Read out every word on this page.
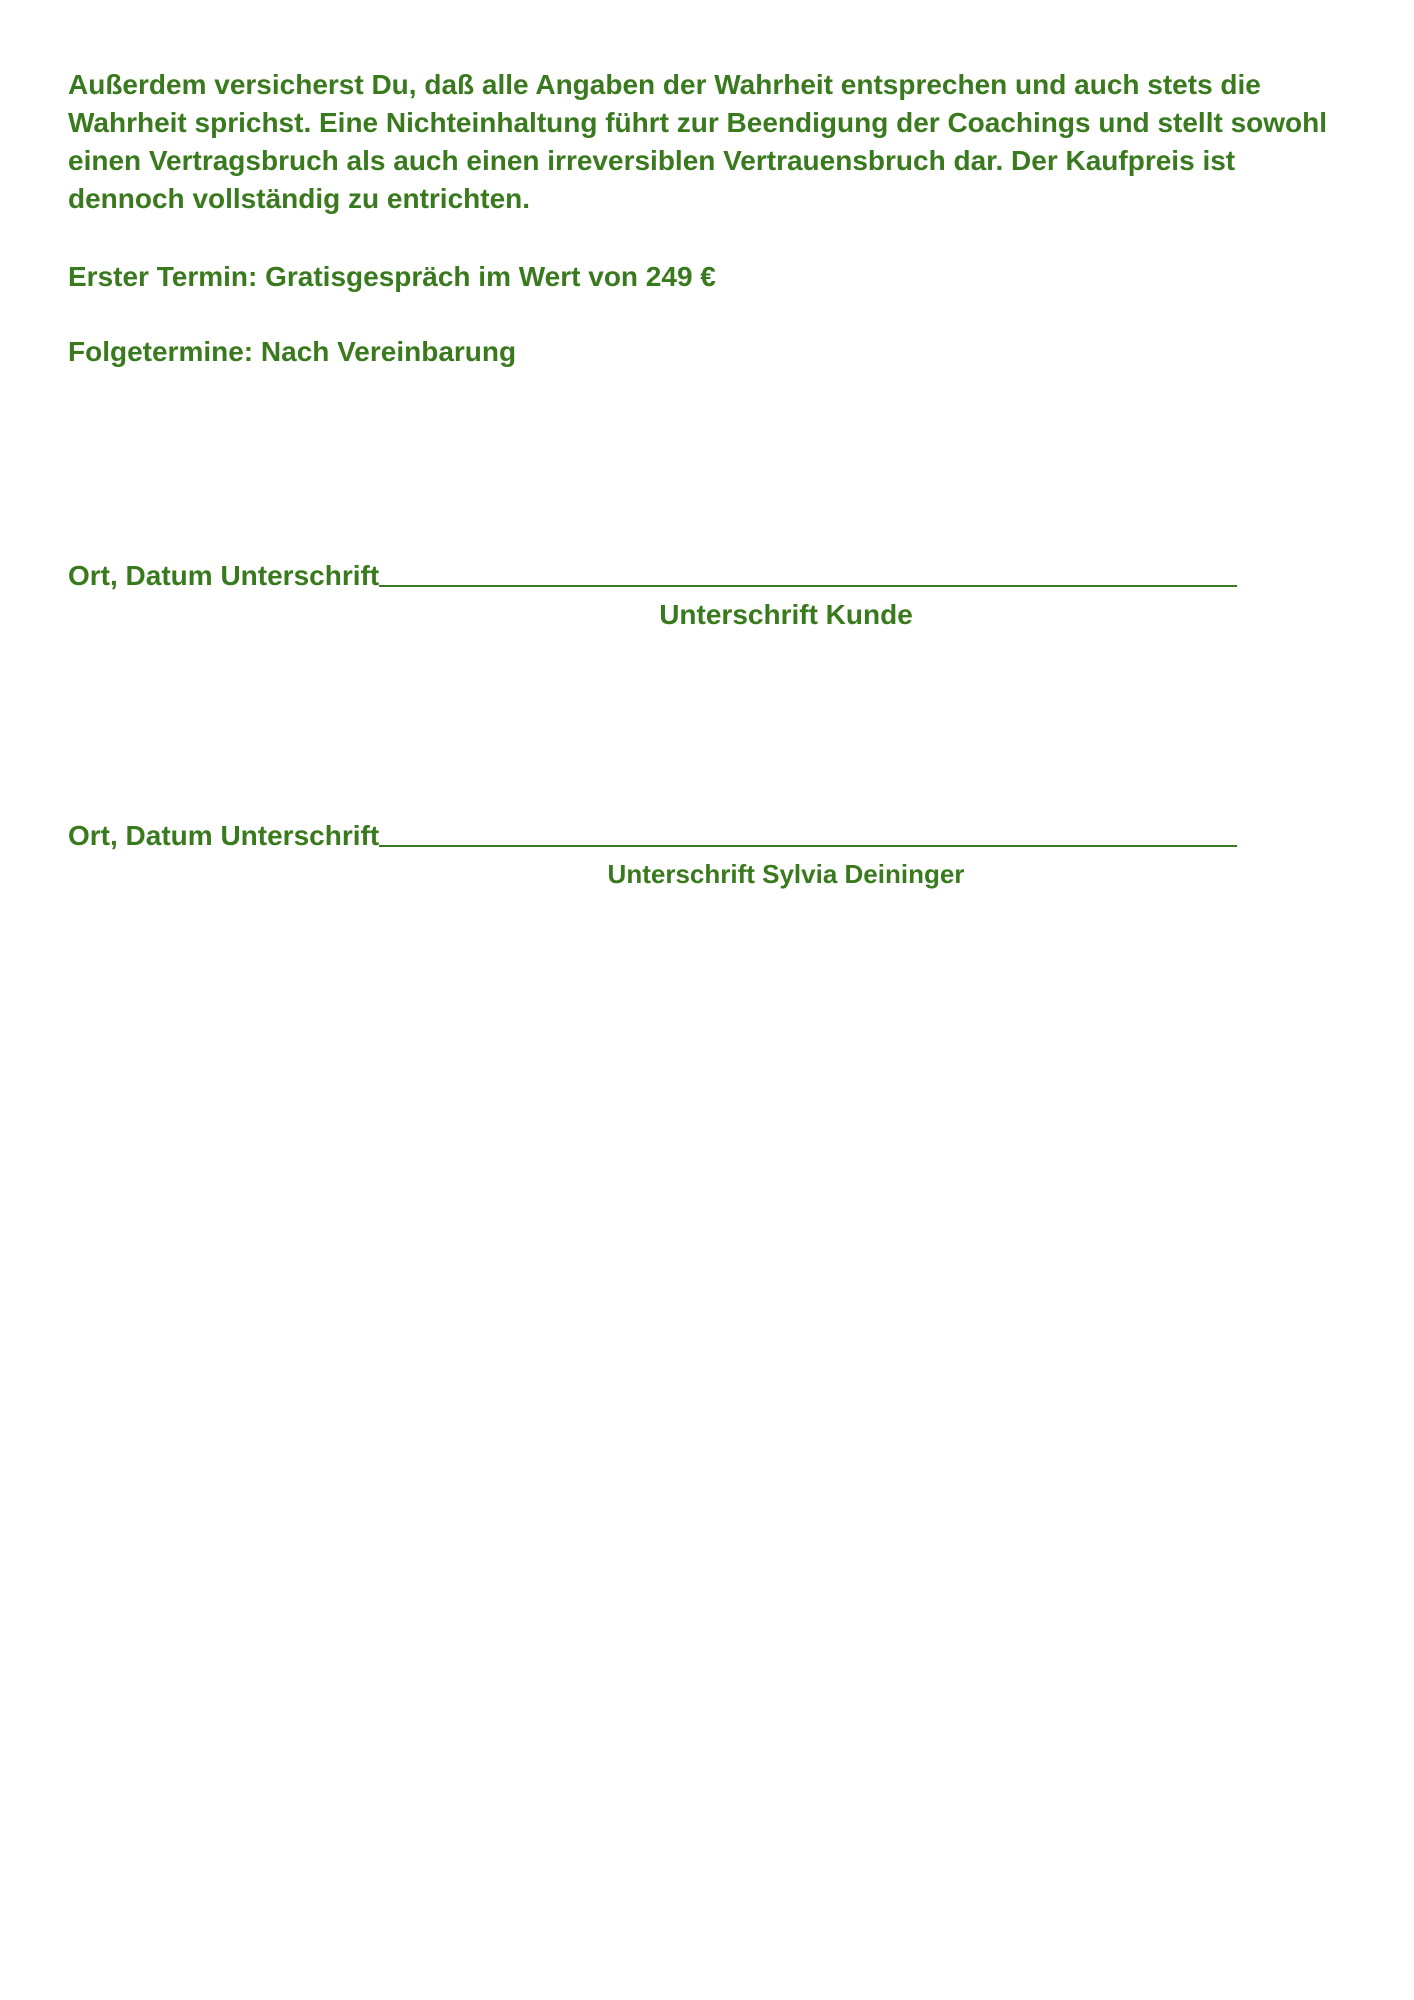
Außerdem versicherst Du, daß alle Angaben der Wahrheit entsprechen und auch stets die Wahrheit sprichst. Eine Nichteinhaltung führt zur Beendigung der Coachings und stellt sowohl einen Vertragsbruch als auch einen irreversiblen Vertrauensbruch dar. Der Kaufpreis ist dennoch vollständig zu entrichten.

Erster Termin: Gratisgespräch im Wert von 249 €

Folgetermine: Nach Vereinbarung

Ort, Datum Unterschrift
Unterschrift Kunde
Ort, Datum Unterschrift
Unterschrift Sylvia Deininger
